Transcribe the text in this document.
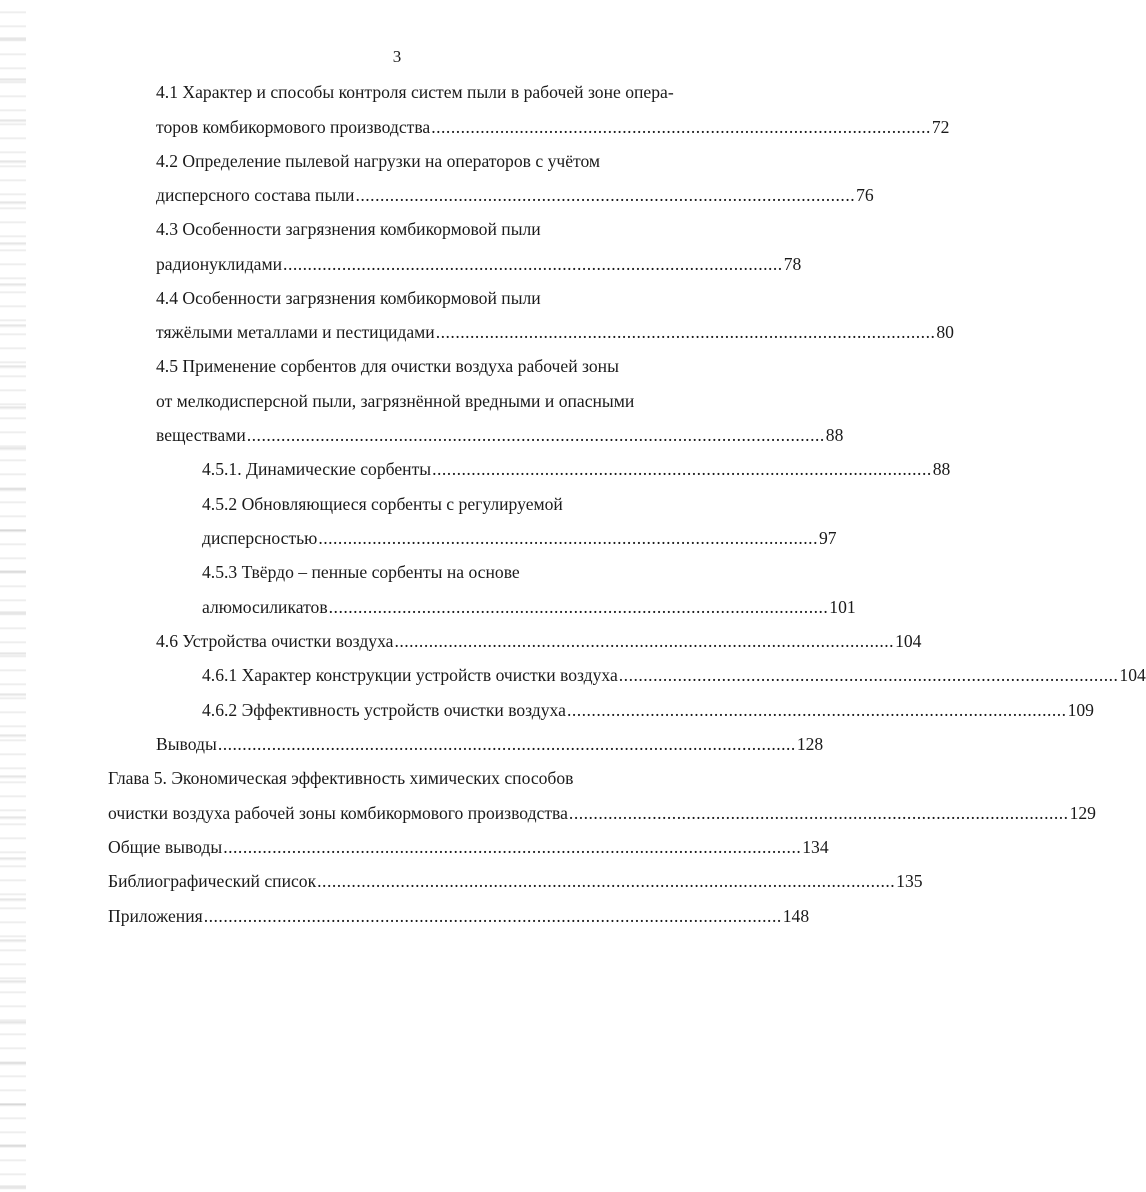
3
4.1 Характер и способы контроля систем пыли в рабочей зоне опера-
торов комбикормового производства ...................................................................................................... 72
4.2 Определение пылевой нагрузки на операторов с учётом
дисперсного состава пыли ...................................................................................................... 76
4.3 Особенности загрязнения комбикормовой пыли
радионуклидами ...................................................................................................... 78
4.4 Особенности загрязнения комбикормовой пыли
тяжёлыми металлами и пестицидами ...................................................................................................... 80
4.5 Применение сорбентов для очистки воздуха рабочей зоны
от мелкодисперсной пыли, загрязнённой вредными и опасными
веществами ...................................................................................................................... 88
4.5.1. Динамические сорбенты ...................................................................................................... 88
4.5.2 Обновляющиеся сорбенты с регулируемой
дисперсностью ...................................................................................................... 97
4.5.3 Твёрдо – пенные сорбенты на основе
алюмосиликатов ...................................................................................................... 101
4.6 Устройства очистки воздуха ...................................................................................................... 104
4.6.1 Характер конструкции устройств очистки воздуха ...................................................................................................... 104
4.6.2 Эффективность устройств очистки воздуха ...................................................................................................... 109
Выводы ...................................................................................................................... 128
Глава 5. Экономическая эффективность химических способов
очистки воздуха рабочей зоны комбикормового производства ...................................................................................................... 129
Общие выводы ...................................................................................................................... 134
Библиографический список ...................................................................................................................... 135
Приложения ...................................................................................................................... 148
